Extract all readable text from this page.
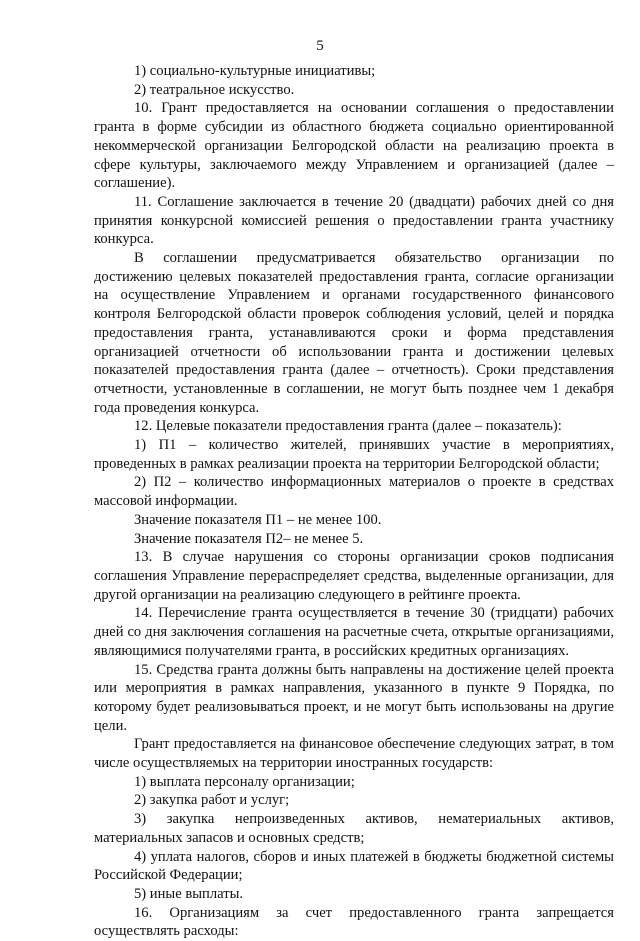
5

1) социально-культурные инициативы;

2) театральное искусство.

10. Грант предоставляется на основании соглашения о предоставлении гранта в форме субсидии из областного бюджета социально ориентированной некоммерческой организации Белгородской области на реализацию проекта в сфере культуры, заключаемого между Управлением и организацией (далее – соглашение).

11. Соглашение заключается в течение 20 (двадцати) рабочих дней со дня принятия конкурсной комиссией решения о предоставлении гранта участнику конкурса.

В соглашении предусматривается обязательство организации по достижению целевых показателей предоставления гранта, согласие организации на осуществление Управлением и органами государственного финансового контроля Белгородской области проверок соблюдения условий, целей и порядка предоставления гранта, устанавливаются сроки и форма представления организацией отчетности об использовании гранта и достижении целевых показателей предоставления гранта (далее – отчетность). Сроки представления отчетности, установленные в соглашении, не могут быть позднее чем 1 декабря года проведения конкурса.

12. Целевые показатели предоставления гранта (далее – показатель):

1) П1 – количество жителей, принявших участие в мероприятиях, проведенных в рамках реализации проекта на территории Белгородской области;

2) П2 – количество информационных материалов о проекте в средствах массовой информации.

Значение показателя П1 – не менее 100.

Значение показателя П2– не менее 5.

13. В случае нарушения со стороны организации сроков подписания соглашения Управление перераспределяет средства, выделенные организации, для другой организации на реализацию следующего в рейтинге проекта.

14. Перечисление гранта осуществляется в течение 30 (тридцати) рабочих дней со дня заключения соглашения на расчетные счета, открытые организациями, являющимися получателями гранта, в российских кредитных организациях.

15. Средства гранта должны быть направлены на достижение целей проекта или мероприятия в рамках направления, указанного в пункте 9 Порядка, по которому будет реализовываться проект, и не могут быть использованы на другие цели.

Грант предоставляется на финансовое обеспечение следующих затрат, в том числе осуществляемых на территории иностранных государств:

1) выплата персоналу организации;

2) закупка работ и услуг;

3) закупка непроизведенных активов, нематериальных активов, материальных запасов и основных средств;

4) уплата налогов, сборов и иных платежей в бюджеты бюджетной системы Российской Федерации;

5) иные выплаты.

16. Организациям за счет предоставленного гранта запрещается осуществлять расходы:
